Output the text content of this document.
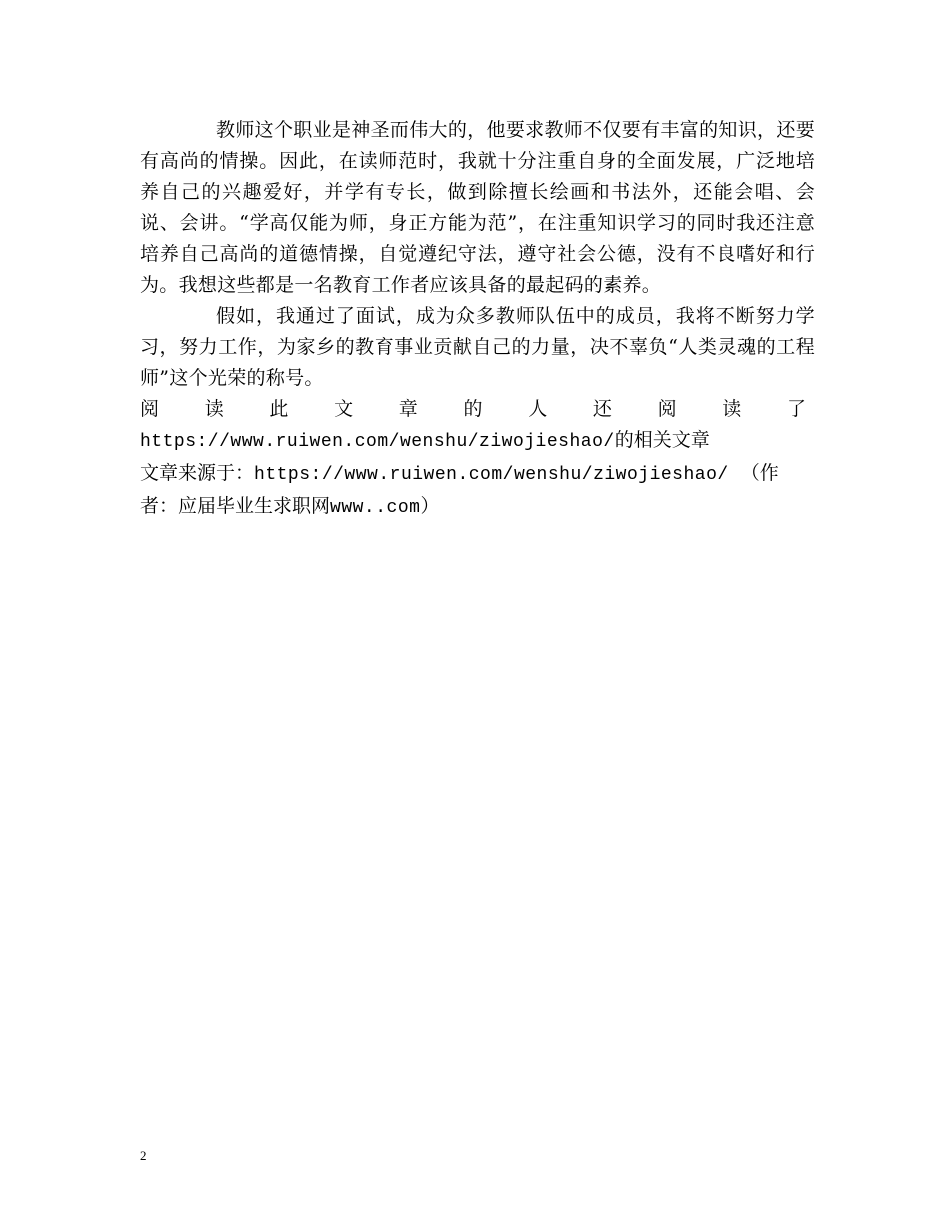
教师这个职业是神圣而伟大的，他要求教师不仅要有丰富的知识，还要有高尚的情操。因此，在读师范时，我就十分注重自身的全面发展，广泛地培养自己的兴趣爱好，并学有专长，做到除擅长绘画和书法外，还能会唱、会说、会讲。“学高仅能为师，身正方能为范”，在注重知识学习的同时我还注意培养自己高尚的道德情操，自觉遵纪守法，遵守社会公德，没有不良嗜好和行为。我想这些都是一名教育工作者应该具备的最起码的素养。

假如，我通过了面试，成为众多教师队伍中的成员，我将不断努力学习，努力工作，为家乡的教育事业贡献自己的力量，决不辜负“人类灵魂的工程师”这个光荣的称号。

阅读此文章的人还阅读了 https://www.ruiwen.com/wenshu/ziwojieshao/的相关文章

文章来源于：https://www.ruiwen.com/wenshu/ziwojieshao/ （作者：应届毕业生求职网www..com）

2
